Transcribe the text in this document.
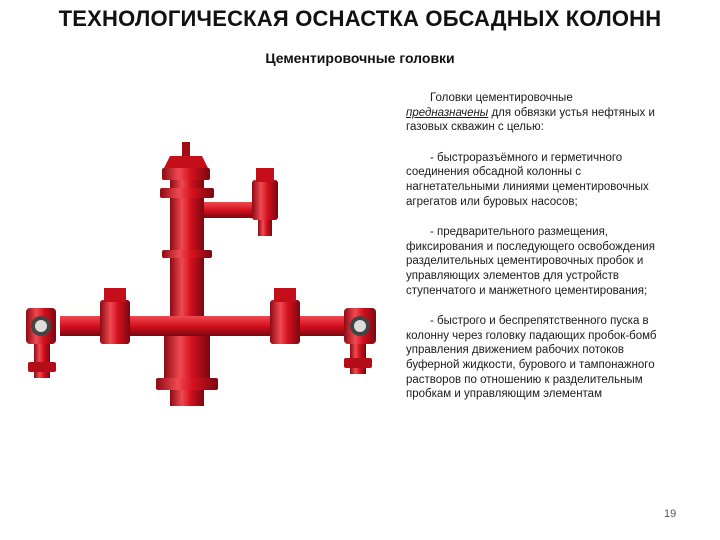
ТЕХНОЛОГИЧЕСКАЯ ОСНАСТКА ОБСАДНЫХ КОЛОНН
Цементировочные головки

Головки цементировочные
предназначены для обвязки устья нефтяных и газовых скважин с целью:

- быстроразъёмного и герметичного соединения обсадной колонны с нагнетательными линиями цементировочных агрегатов или буровых насосов;

- предварительного размещения, фиксирования и последующего освобождения разделительных цементировочных пробок и управляющих элементов для устройств ступенчатого и манжетного цементирования;

- быстрого и беспрепятственного пуска в колонну через головку падающих пробок-бомб управления движением рабочих потоков буферной жидкости, бурового и тампонажного растворов по отношению к разделительным пробкам и управляющим элементам

19
